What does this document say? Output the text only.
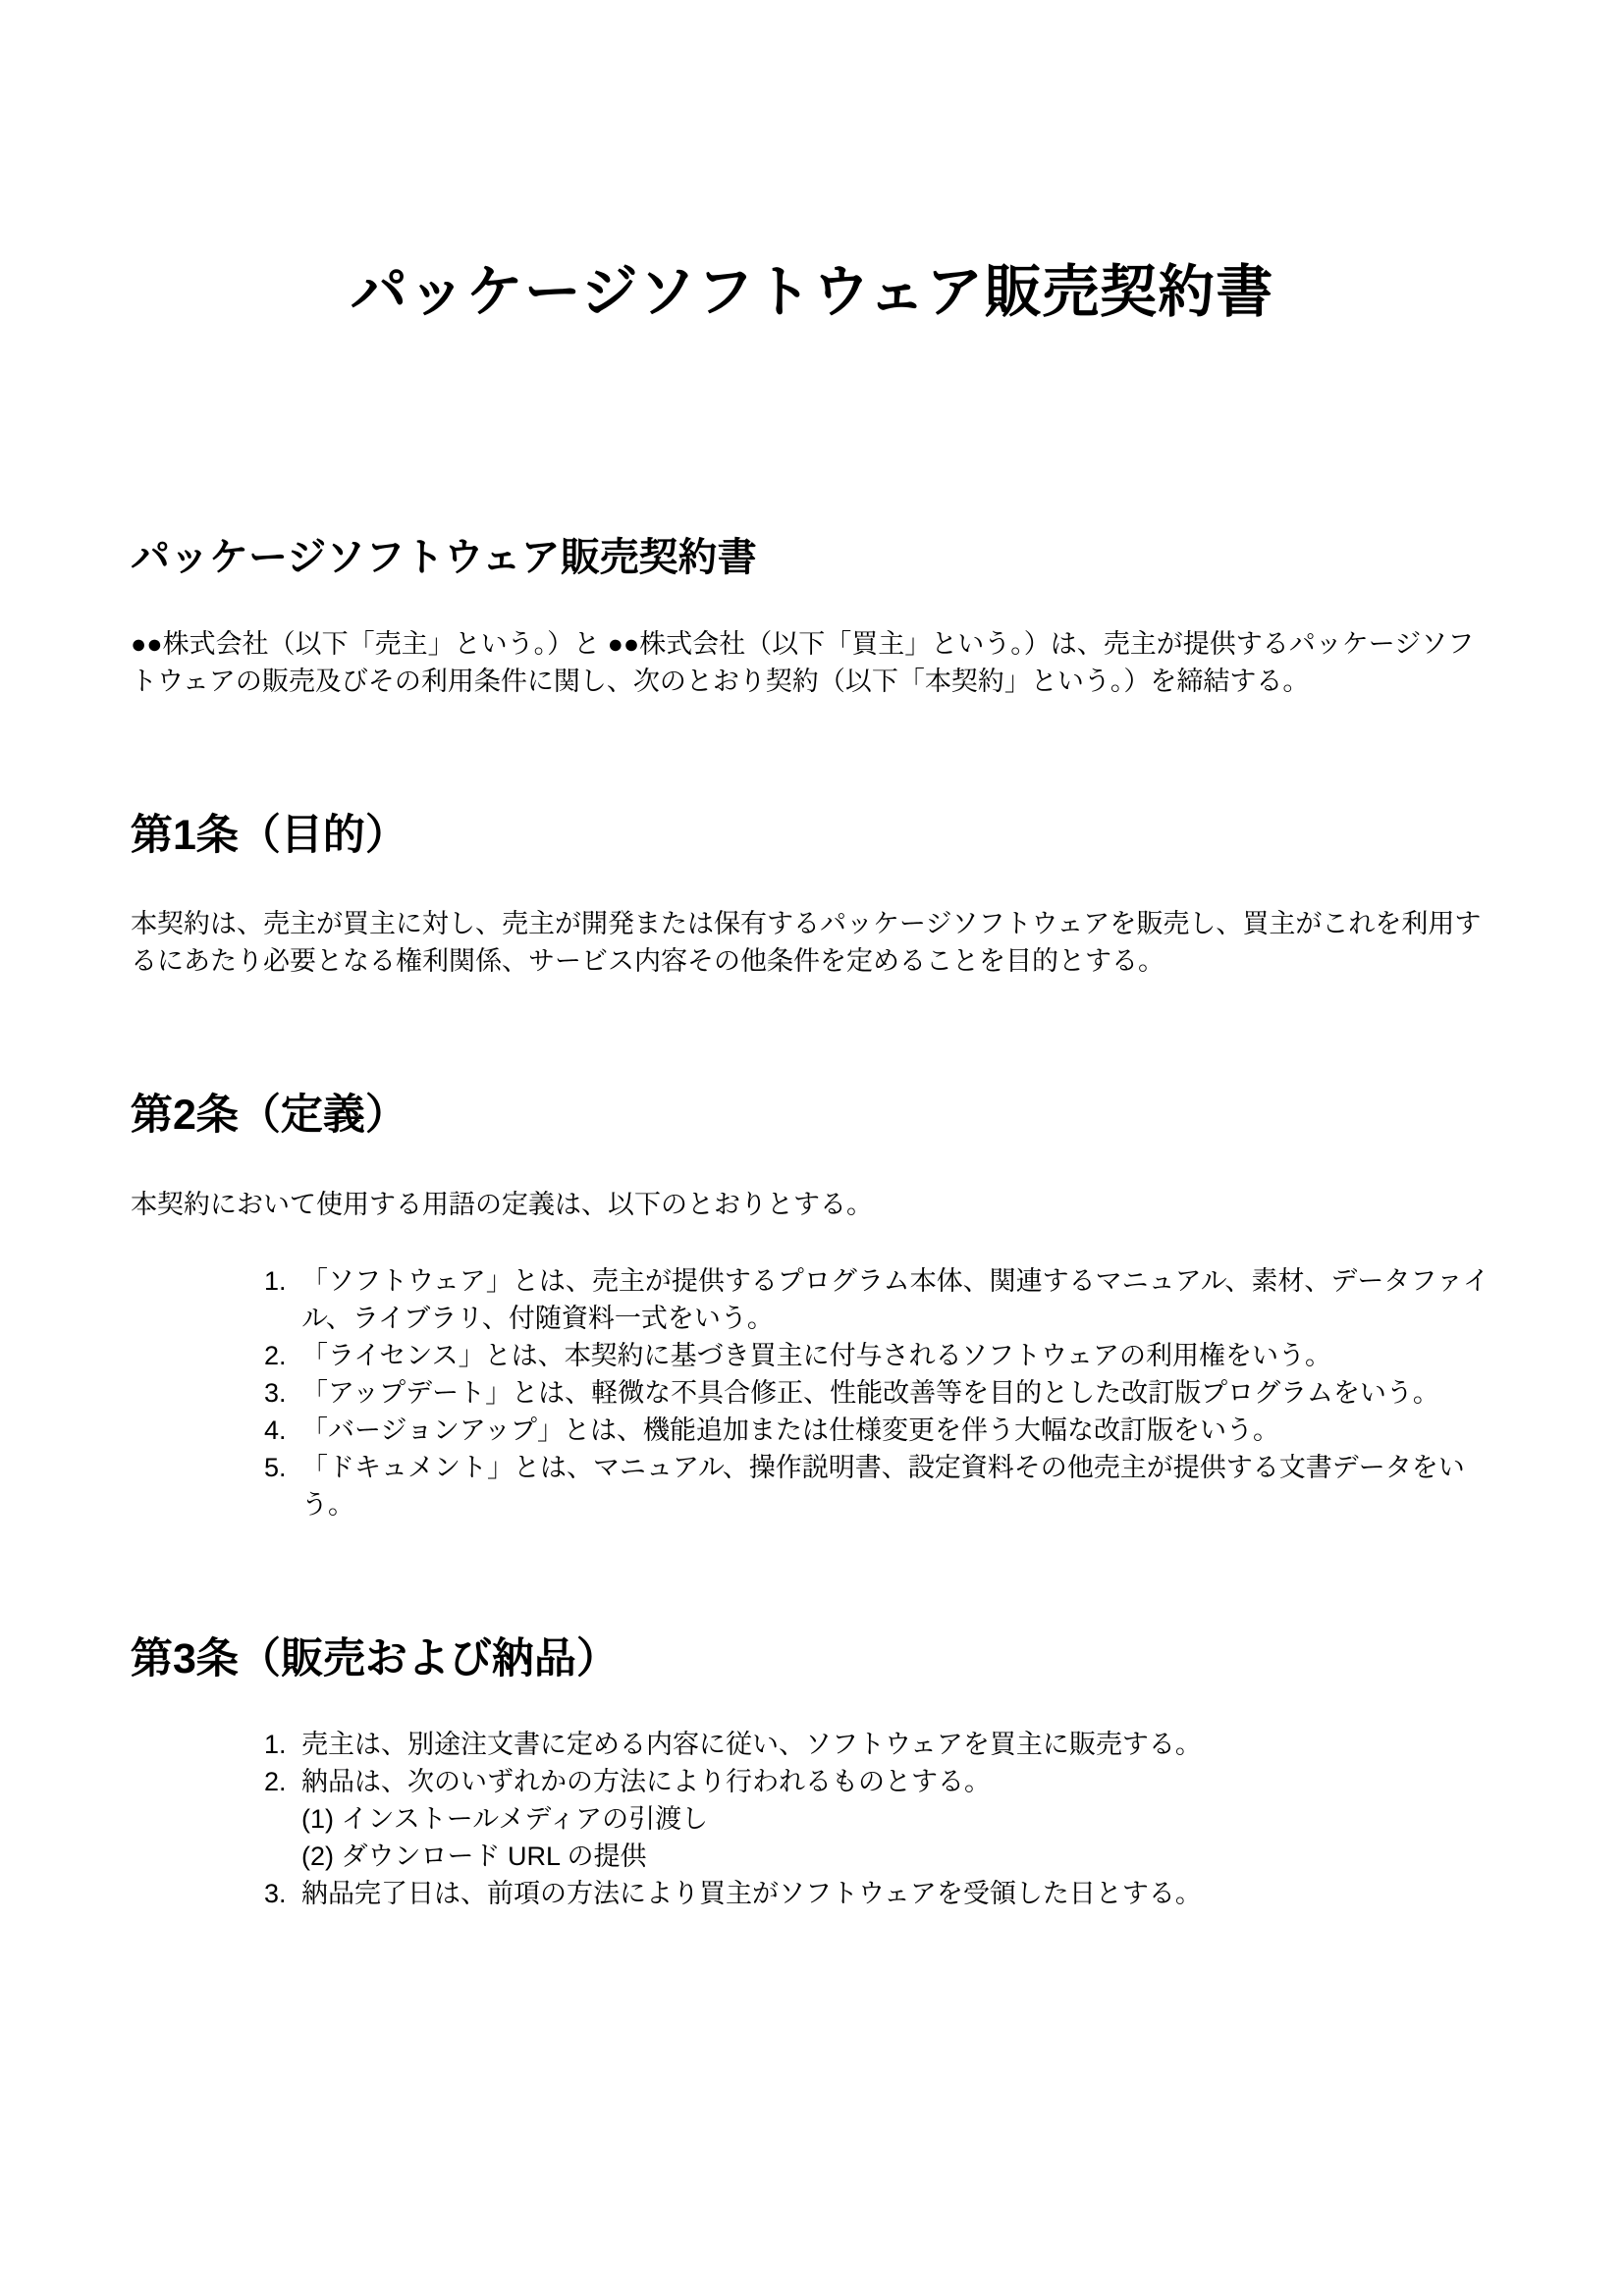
パッケージソフトウェア販売契約書
パッケージソフトウェア販売契約書

●●株式会社（以下「売主」という。）と ●●株式会社（以下「買主」という。）は、売主が提供するパッケージソフトウェアの販売及びその利用条件に関し、次のとおり契約（以下「本契約」という。）を締結する。

第1条（目的）

本契約は、売主が買主に対し、売主が開発または保有するパッケージソフトウェアを販売し、買主がこれを利用するにあたり必要となる権利関係、サービス内容その他条件を定めることを目的とする。

第2条（定義）

本契約において使用する用語の定義は、以下のとおりとする。

1. 「ソフトウェア」とは、売主が提供するプログラム本体、関連するマニュアル、素材、データファイル、ライブラリ、付随資料一式をいう。
2. 「ライセンス」とは、本契約に基づき買主に付与されるソフトウェアの利用権をいう。
3. 「アップデート」とは、軽微な不具合修正、性能改善等を目的とした改訂版プログラムをいう。
4. 「バージョンアップ」とは、機能追加または仕様変更を伴う大幅な改訂版をいう。
5. 「ドキュメント」とは、マニュアル、操作説明書、設定資料その他売主が提供する文書データをいう。
第3条（販売および納品）
1. 売主は、別途注文書に定める内容に従い、ソフトウェアを買主に販売する。
2. 納品は、次のいずれかの方法により行われるものとする。
(1) インストールメディアの引渡し
(2) ダウンロード URL の提供
3. 納品完了日は、前項の方法により買主がソフトウェアを受領した日とする。
